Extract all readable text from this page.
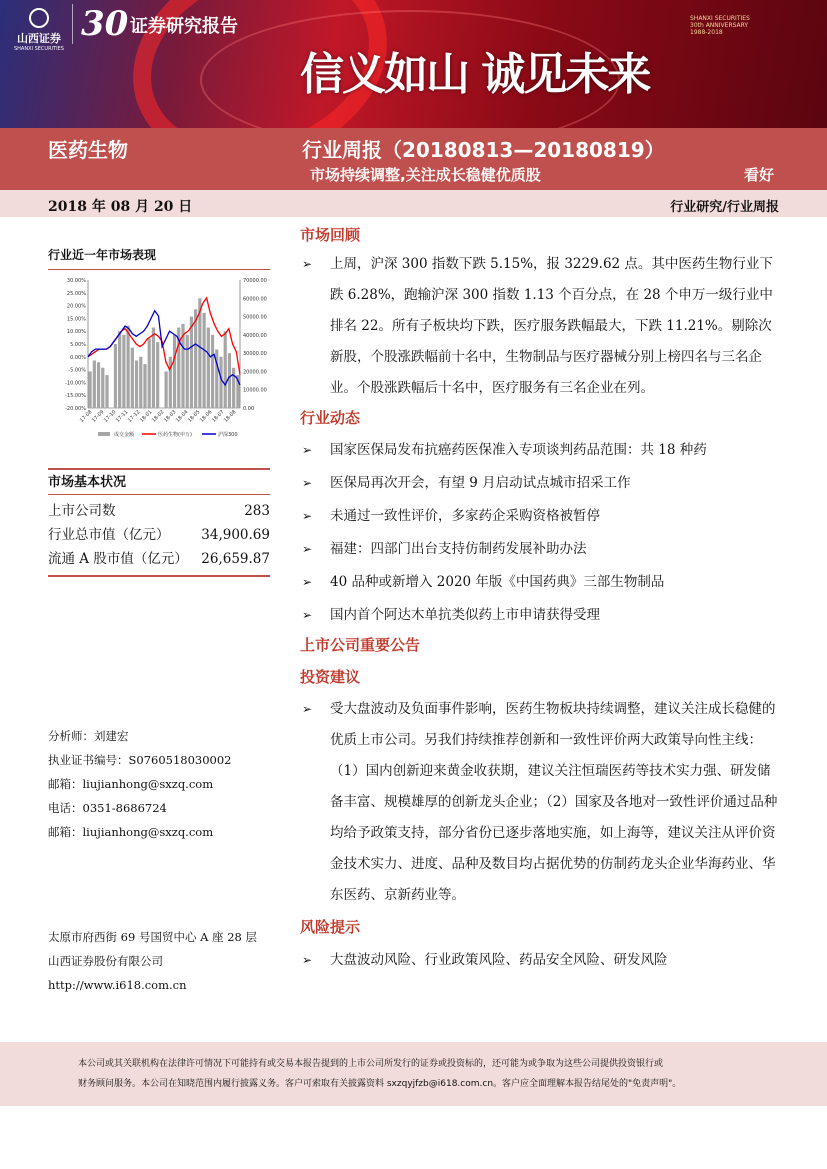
山西证券
SHANXI SECURITIES
30 证券研究报告
信义如山 诚见未来
SHANXI SECURITIES
30th ANNIVERSARY
1988-2018
医药生物	行业周报（20180813—20180819）
市场持续调整,关注成长稳健优质股	看好
2018 年 08 月 20 日	行业研究/行业周报
行业近一年市场表现
30.00%
25.00%
20.00%
15.00%
10.00%
5.00%
0.00%
-5.00%
-10.00%
-15.00%
-20.00%
70000.00
60000.00
50000.00
40000.00
30000.00
20000.00
10000.00
0.00
17-08
17-09
17-10
17-11
17-12
18-01
18-02
18-03
18-04
18-05
18-06
18-07
18-08
成交金额	医药生物(申万)	沪深300
市场基本状况
上市公司数	283
行业总市值（亿元） 34,900.69
流通 A 股市值（亿元） 26,659.87
分析师：刘建宏
执业证书编号：S0760518030002
邮箱：liujianhong@sxzq.com
电话：0351-8686724
邮箱：liujianhong@sxzq.com
太原市府西街 69 号国贸中心 A 座 28 层
山西证券股份有限公司
http://www.i618.com.cn
市场回顾
➢	上周，沪深 300 指数下跌 5.15%，报 3229.62 点。其中医药生物行业下跌 6.28%，跑输沪深 300 指数 1.13 个百分点，在 28 个申万一级行业中排名 22。所有子板块均下跌，医疗服务跌幅最大，下跌 11.21%。剔除次新股，个股涨跌幅前十名中，生物制品与医疗器械分别上榜四名与三名企业。个股涨跌幅后十名中，医疗服务有三名企业在列。
行业动态
➢	国家医保局发布抗癌药医保准入专项谈判药品范围：共 18 种药
➢	医保局再次开会，有望 9 月启动试点城市招采工作
➢	未通过一致性评价，多家药企采购资格被暂停
➢	福建：四部门出台支持仿制药发展补助办法
➢	40 品种或新增入 2020 年版《中国药典》三部生物制品
➢	国内首个阿达木单抗类似药上市申请获得受理
上市公司重要公告
投资建议
➢	受大盘波动及负面事件影响，医药生物板块持续调整，建议关注成长稳健的优质上市公司。另我们持续推荐创新和一致性评价两大政策导向性主线：（1）国内创新迎来黄金收获期，建议关注恒瑞医药等技术实力强、研发储备丰富、规模雄厚的创新龙头企业；（2）国家及各地对一致性评价通过品种均给予政策支持，部分省份已逐步落地实施，如上海等，建议关注从评价资金技术实力、进度、品种及数目均占据优势的仿制药龙头企业华海药业、华东医药、京新药业等。
风险提示
➢	大盘波动风险、行业政策风险、药品安全风险、研发风险
本公司或其关联机构在法律许可情况下可能持有或交易本报告提到的上市公司所发行的证券或投资标的，还可能为或争取为这些公司提供投资银行或
财务顾问服务。本公司在知晓范围内履行披露义务。客户可索取有关披露资料 sxzqyjfzb@i618.com.cn。客户应全面理解本报告结尾处的"免责声明"。
